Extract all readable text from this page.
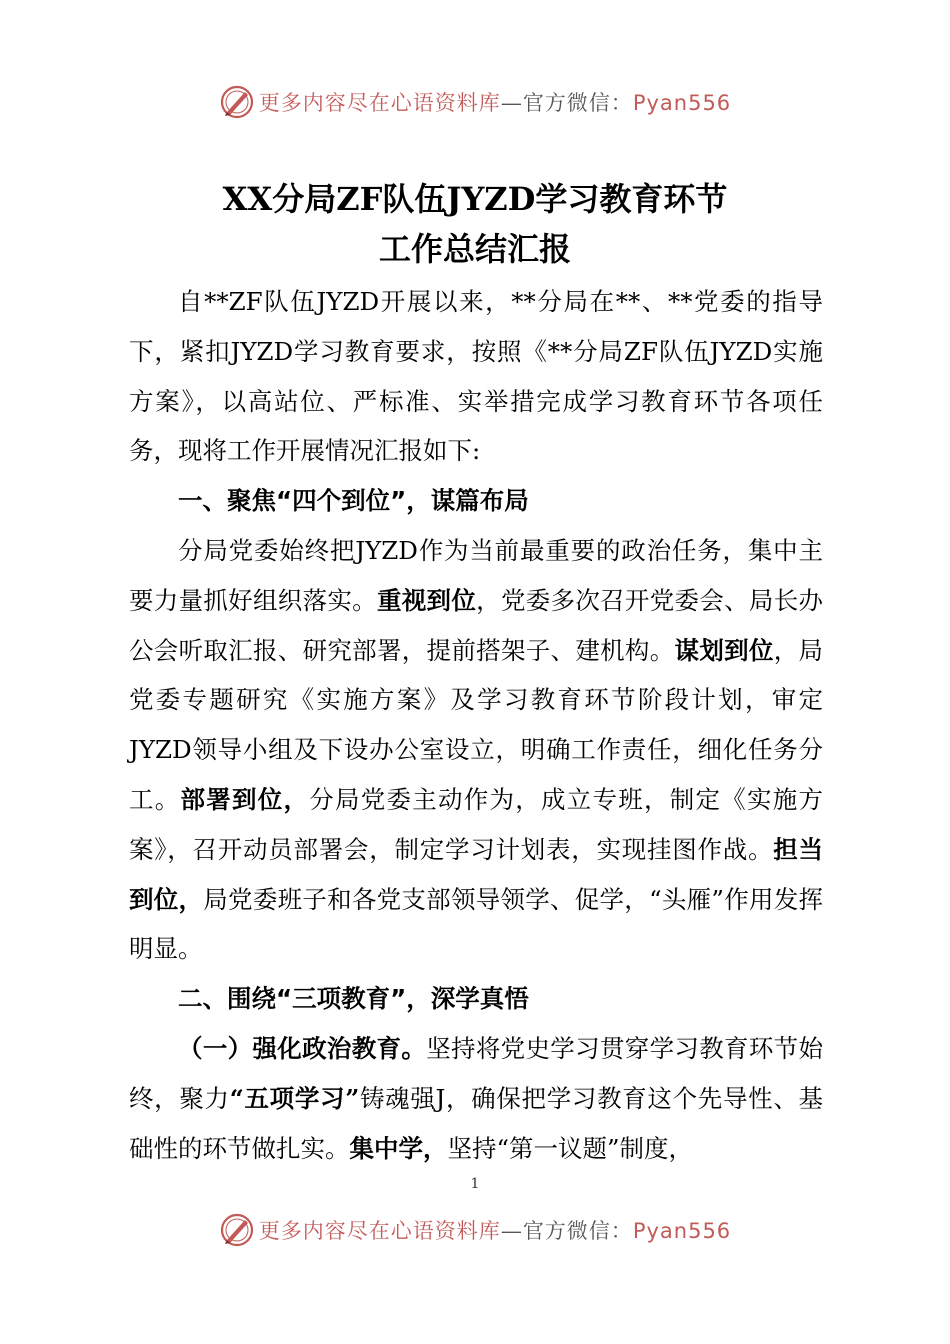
更多内容尽在心语资料库—官方微信：Pyan556
XX分局ZF队伍JYZD学习教育环节
工作总结汇报

自**ZF队伍JYZD开展以来，**分局在**、**党委的指导下，紧扣JYZD学习教育要求，按照《**分局ZF队伍JYZD实施方案》，以高站位、严标准、实举措完成学习教育环节各项任务，现将工作开展情况汇报如下:

一、聚焦“四个到位”，谋篇布局

分局党委始终把JYZD作为当前最重要的政治任务，集中主要力量抓好组织落实。重视到位，党委多次召开党委会、局长办公会听取汇报、研究部署，提前搭架子、建机构。谋划到位，局党委专题研究《实施方案》及学习教育环节阶段计划，审定JYZD领导小组及下设办公室设立，明确工作责任，细化任务分工。部署到位，分局党委主动作为，成立专班，制定《实施方案》，召开动员部署会，制定学习计划表，实现挂图作战。担当到位，局党委班子和各党支部领导领学、促学，“头雁”作用发挥明显。

二、围绕“三项教育”，深学真悟

（一）强化政治教育。坚持将党史学习贯穿学习教育环节始终，聚力“五项学习”铸魂强J，确保把学习教育这个先导性、基础性的环节做扎实。集中学，坚持“第一议题”制度，

1
更多内容尽在心语资料库—官方微信：Pyan556
